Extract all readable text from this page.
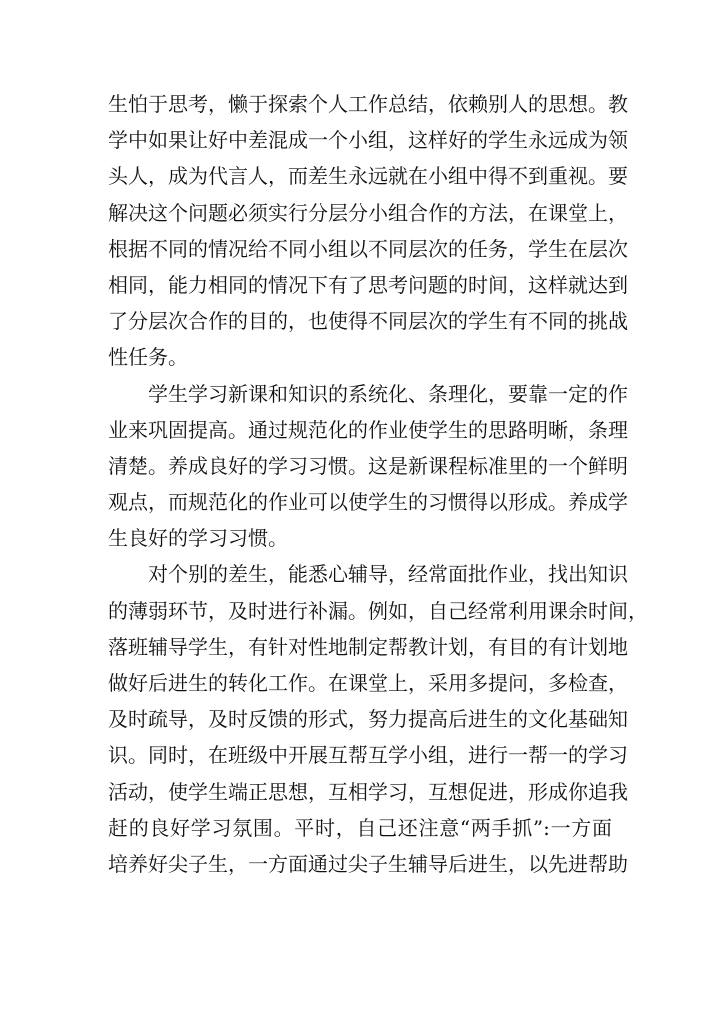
生怕于思考，懒于探索个人工作总结，依赖别人的思想。教
学中如果让好中差混成一个小组，这样好的学生永远成为领
头人，成为代言人，而差生永远就在小组中得不到重视。要
解决这个问题必须实行分层分小组合作的方法，在课堂上，
根据不同的情况给不同小组以不同层次的任务，学生在层次
相同，能力相同的情况下有了思考问题的时间，这样就达到
了分层次合作的目的，也使得不同层次的学生有不同的挑战
性任务。
学生学习新课和知识的系统化、条理化，要靠一定的作
业来巩固提高。通过规范化的作业使学生的思路明晰，条理
清楚。养成良好的学习习惯。这是新课程标准里的一个鲜明
观点，而规范化的作业可以使学生的习惯得以形成。养成学
生良好的学习习惯。
对个别的差生，能悉心辅导，经常面批作业，找出知识
的薄弱环节，及时进行补漏。例如，自己经常利用课余时间，
落班辅导学生，有针对性地制定帮教计划，有目的有计划地
做好后进生的转化工作。在课堂上，采用多提问，多检查，
及时疏导，及时反馈的形式，努力提高后进生的文化基础知
识。同时，在班级中开展互帮互学小组，进行一帮一的学习
活动，使学生端正思想，互相学习，互想促进，形成你追我
赶的良好学习氛围。平时，自己还注意“两手抓”:一方面
培养好尖子生，一方面通过尖子生辅导后进生，以先进帮助
